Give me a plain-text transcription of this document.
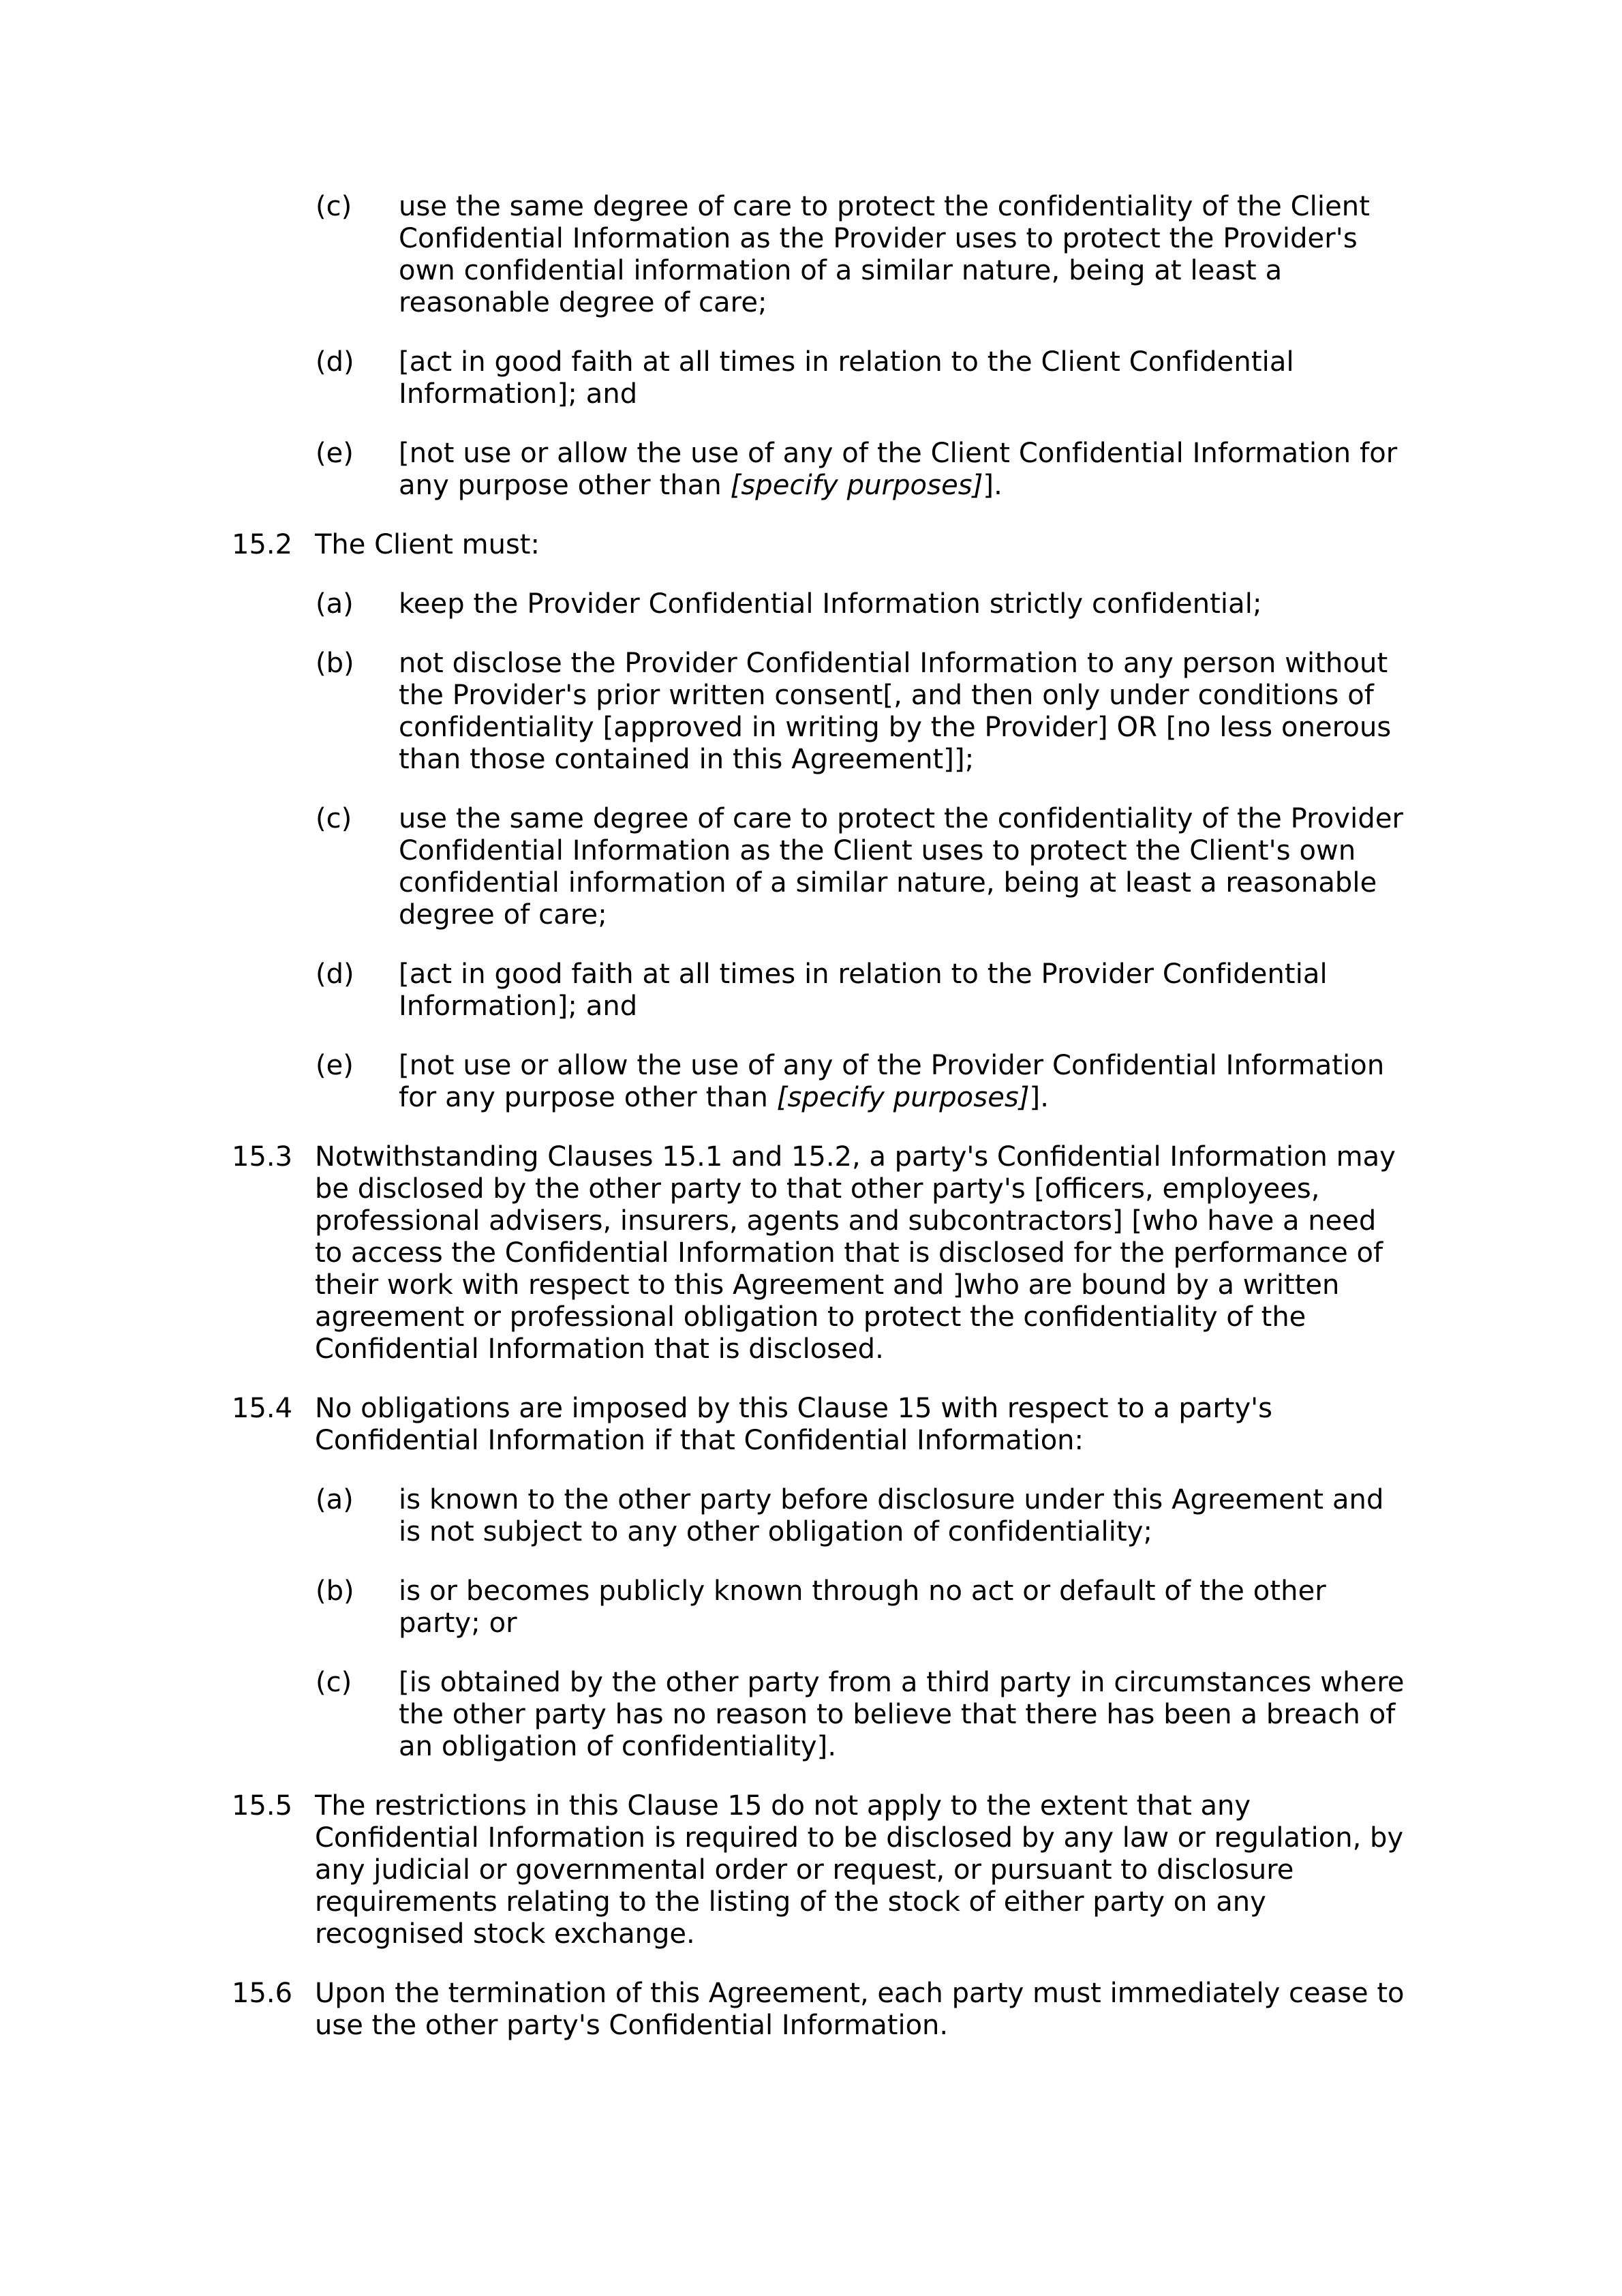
(c) use the same degree of care to protect the confidentiality of the Client Confidential Information as the Provider uses to protect the Provider's own confidential information of a similar nature, being at least a reasonable degree of care;
(d) [act in good faith at all times in relation to the Client Confidential Information]; and
(e) [not use or allow the use of any of the Client Confidential Information for any purpose other than [specify purposes]].
15.2 The Client must:
(a) keep the Provider Confidential Information strictly confidential;
(b) not disclose the Provider Confidential Information to any person without the Provider's prior written consent[, and then only under conditions of confidentiality [approved in writing by the Provider] OR [no less onerous than those contained in this Agreement]];
(c) use the same degree of care to protect the confidentiality of the Provider Confidential Information as the Client uses to protect the Client's own confidential information of a similar nature, being at least a reasonable degree of care;
(d) [act in good faith at all times in relation to the Provider Confidential Information]; and
(e) [not use or allow the use of any of the Provider Confidential Information for any purpose other than [specify purposes]].
15.3 Notwithstanding Clauses 15.1 and 15.2, a party's Confidential Information may be disclosed by the other party to that other party's [officers, employees, professional advisers, insurers, agents and subcontractors] [who have a need to access the Confidential Information that is disclosed for the performance of their work with respect to this Agreement and ]who are bound by a written agreement or professional obligation to protect the confidentiality of the Confidential Information that is disclosed.
15.4 No obligations are imposed by this Clause 15 with respect to a party's Confidential Information if that Confidential Information:
(a) is known to the other party before disclosure under this Agreement and is not subject to any other obligation of confidentiality;
(b) is or becomes publicly known through no act or default of the other party; or
(c) [is obtained by the other party from a third party in circumstances where the other party has no reason to believe that there has been a breach of an obligation of confidentiality].
15.5 The restrictions in this Clause 15 do not apply to the extent that any Confidential Information is required to be disclosed by any law or regulation, by any judicial or governmental order or request, or pursuant to disclosure requirements relating to the listing of the stock of either party on any recognised stock exchange.
15.6 Upon the termination of this Agreement, each party must immediately cease to use the other party's Confidential Information.
